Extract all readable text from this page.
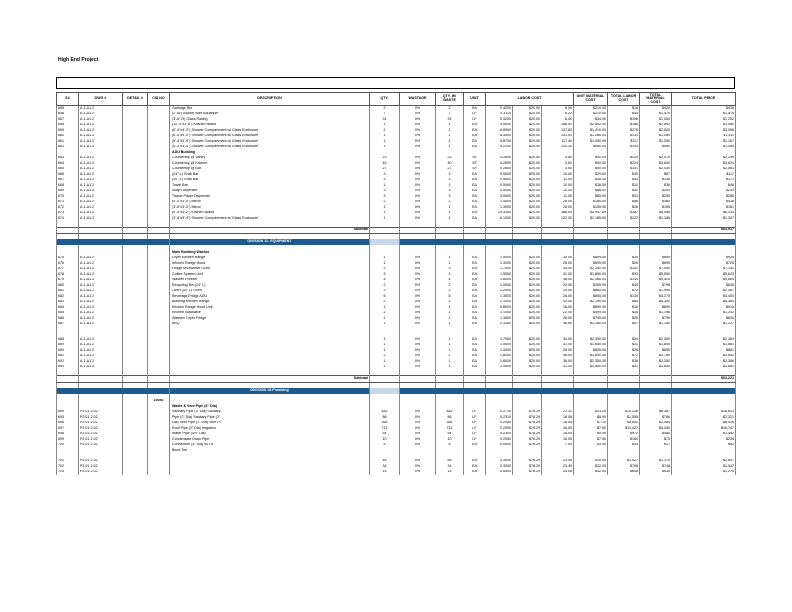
High End Project
S#	DWG #	DETAIL #	CSI NO	DESCRIPTION	QTY.	WASTAGE	QTY. W/ WASTE	UNIT	LABOR COST			UNIT MATERIAL COST	TOTAL LABOR COST	TOTAL MATERIAL COST	TOTAL PRICE
655	A-1-A1.2			Garbage Bin	2	0%	2	EA	0.4000	$20.00	8.00	$210.00	$16	$420	$436
656	A-1-A1.2			(2'-W) Double Side Aquarium	7	0%	7	LF	0.3110	$20.00	6.22	$210.00	$44	$1,470	$1,514
657	A-1-A1.2			(3'-6"-H) Glass Railing	31	0%	31	LF	0.3200	$20.00	6.40	$34.00	$198	$1,054	$1,252
658	A-1-A1.2			(12'-4"x3'-6") Kitchen Island	1	0%	1	EA	9.4000	$20.00	188.01	$2,892.40	$188	$2,892	$3,080
659	A-1-A1.2			(6'-4"x4'-0") Shower Compartment w/ Glass Enclosure	2	0%	2	EA	6.8900	$20.00	137.80	$1,410.00	$276	$2,820	$3,096
660	A-1-A1.2			(6'-0"x4'-0") Shower Compartment w/ Glass Enclosure	1	0%	1	EA	6.5500	$20.00	131.00	$1,280.00	$131	$1,280	$1,411
661	A-1-A1.2			(8'-4"x3'-9") Shower Compartment w/ Glass Enclosure	1	0%	1	EA	5.8700	$20.00	117.40	$1,050.00	$117	$1,050	$1,167
662	A-1-A1.2			(5'-4"x4'-4") Shower Compartment w/ Glass Enclosure	1	0%	1	EA	5.2100	$20.00	104.20	$980.00	$104	$980	$1,084
				ADU Building											
663	A-1-A1.2			Countertop @ Vanity	23	0%	23	SF	0.2800	$20.00	5.60	$90.00	$129	$2,070	$2,199
664	A-1-A1.2			Countertop @ Kitchen	40	0%	40	SF	0.2800	$20.00	5.60	$90.00	$224	$3,600	$3,824
665	A-1-A1.2			Countertop @ Bar	27	0%	27	SF	0.2800	$20.00	5.60	$90.00	$151	$2,430	$2,581
666	A-1-A1.2			(24"-L) Grab Bar	3	0%	3	EA	0.5000	$20.00	10.00	$29.00	$30	$87	$117
667	A-1-A1.2			(30"-L) Grab Bar	3	0%	3	EA	0.5500	$20.00	11.00	$46.00	$33	$138	$171
668	A-1-A1.2			Towel Bar	1	0%	1	EA	0.5000	$20.00	10.00	$36.00	$10	$36	$46
669	A-1-A1.2			Soap Dispenser	3	0%	3	EA	0.5000	$20.00	10.00	$68.00	$30	$204	$234
670	A-1-A1.2			Tissue Paper Dispenser	3	0%	3	EA	0.5500	$20.00	11.00	$85.00	$33	$255	$288
671	A-1-A1.2			(5'-0"x3'-0") Mirror	2	0%	2	EA	1.4000	$20.00	28.00	$180.00	$56	$360	$416
672	A-1-A1.2			(3'-6"x3'-0") Mirror	1	0%	1	EA	1.3000	$20.00	26.00	$155.00	$26	$155	$181
673	A-1-A1.2			(9'-4"x3'-2") Kitchen Island	1	0%	1	EA	19.3300	$20.00	386.50	$5,947.69	$387	$5,948	$6,334
674	A-1-A1.2			(3'-8"x5'-4") Shower Compartment w/ Glass Enclosure	1	0%	1	EA	6.1000	$20.00	122.00	$1,185.00	$122	$1,185	$1,307

				Subtotal											$64,017

				DIVISION 11- EQUIPMENT											

				Main Building Washer											
675	A-1-A1.2			Dryer Kitchen Range	1	0%	1	EA	1.5000	$20.00	30.00	$899.00	$30	$899	$929
676	A-1-A1.2			Kitchen Range Hood	1	0%	1	EA	1.3000	$20.00	26.00	$699.00	$26	$699	$725
677	A-1-A1.2			Fridge Microwave Oven	3	0%	3	EA	1.7000	$20.00	34.00	$2,350.00	$102	$7,050	$7,152
678	A-1-A1.2			Coffee System Unit	3	0%	3	EA	1.5500	$20.00	31.00	$1,850.00	$93	$5,550	$5,643
679	A-1-A1.2			Washer Freezer	4	0%	4	EA	1.8000	$20.00	36.00	$2,380.00	$144	$9,520	$9,664
680	A-1-A1.2			Recycling Bin (24" L)	2	0%	2	EA	1.0000	$20.00	20.00	$399.00	$40	$798	$838
681	A-1-A1.2			Oven (30" L) Oven	3	0%	3	EA	1.2000	$20.00	24.00	$665.00	$72	$1,995	$2,067
682	A-1-A1.2			Beverage Fridge ADU	5	0%	5	EA	1.3000	$20.00	26.00	$855.00	$130	$4,275	$4,405
683	A-1-A1.2			Building Kitchen Range	2	0%	2	EA	2.1000	$20.00	42.00	$2,150.00	$84	$4,300	$4,384
684	A-1-A1.2			Kitchen Range Hood Unit	1	0%	1	EA	0.8000	$20.00	16.00	$899.00	$16	$899	$915
685	A-1-A1.2			Kitchen Stackable	2	0%	2	EA	1.1000	$20.00	22.00	$599.00	$44	$1,198	$1,242
686	A-1-A1.2			Washer/ Dryer Fridge	1	0%	1	EA	1.3000	$20.00	26.00	$799.00	$26	$799	$825
687	A-1-A1.2			BBQ	1	0%	1	EA	2.3300	$20.00	46.60	$1,180.00	$47	$1,180	$1,227

688	A-1-A1.2				1	0%	1	EA	1.7000	$20.00	34.00	$2,350.00	$34	$2,350	$2,384
689	A-1-A1.2				1	0%	1	EA	1.5500	$20.00	31.00	$1,850.00	$31	$1,850	$1,881
690	A-1-A1.2				1	0%	1	EA	1.3000	$20.00	26.00	$855.00	$26	$855	$881
691	A-1-A1.2				2	0%	2	EA	1.8000	$20.00	36.00	$1,890.00	$72	$3,780	$3,852
692	A-1-A1.2				1	0%	1	EA	1.8000	$20.00	36.00	$2,350.00	$36	$2,350	$2,386
693	A-1-A1.2				1	0%	1	EA	1.5500	$20.00	31.00	$1,850.00	$31	$1,850	$1,881

				Subtotal											$63,221

				DIVISION 15-Plumbing											

			15050												
				Waste & Vent Pipe (4" Dia)											
694	P2.01-2.02			Sanitary Pipe (3" Dia) Sanitary	482	0%	482	LF	0.2710	$78.29	21.22	$13.25	$10,226	$6,387	$16,613
695	P2.01-2.02			Pipe (2" Dia) Sanitary Pipe (2"	86	0%	86	LF	0.2310	$78.29	18.08	$8.90	$1,555	$766	$2,321
696	P2.01-2.02			Dia) Vent Pipe (2" Dia) Vent Pi	364	0%	364	LF	0.2050	$78.29	16.05	$7.10	$5,842	$2,584	$8,426
697	P2.01-2.02			Roof Pipe (2" Dia) Irrigation	712	0%	712	LF	0.2050	$78.29	16.05	$7.50	$11,427	$5,340	$16,767
698	P2.01-2.02			Water Pipe (3/4" Dia)	54	0%	54	LF	0.2300	$78.29	18.00	$9.90	$972	$480	$1,452
699	P2.01-2.02			Condensate Drain Pipe	10	0%	10	LF	0.2050	$78.29	16.05	$7.50	$160	$75	$235
700	P2.01-2.02			Connection (4" Dia) 90 Dt	5	0%	5	EA	0.0900	$78.29	7.05	$3.40	$35	$17	$52
				Bend Tee											

701	P2.01-2.02				65	0%	65	EA	0.3000	$78.29	23.49	$18.00	$1,527	$1,170	$2,697
702	P2.01-2.02				34	0%	34	EA	0.3000	$78.29	23.49	$22.00	$798	$748	$1,547
703	P2.01-2.02				15	0%	15	EA	0.5500	$78.29	43.06	$42.00	$646	$630	$1,276
